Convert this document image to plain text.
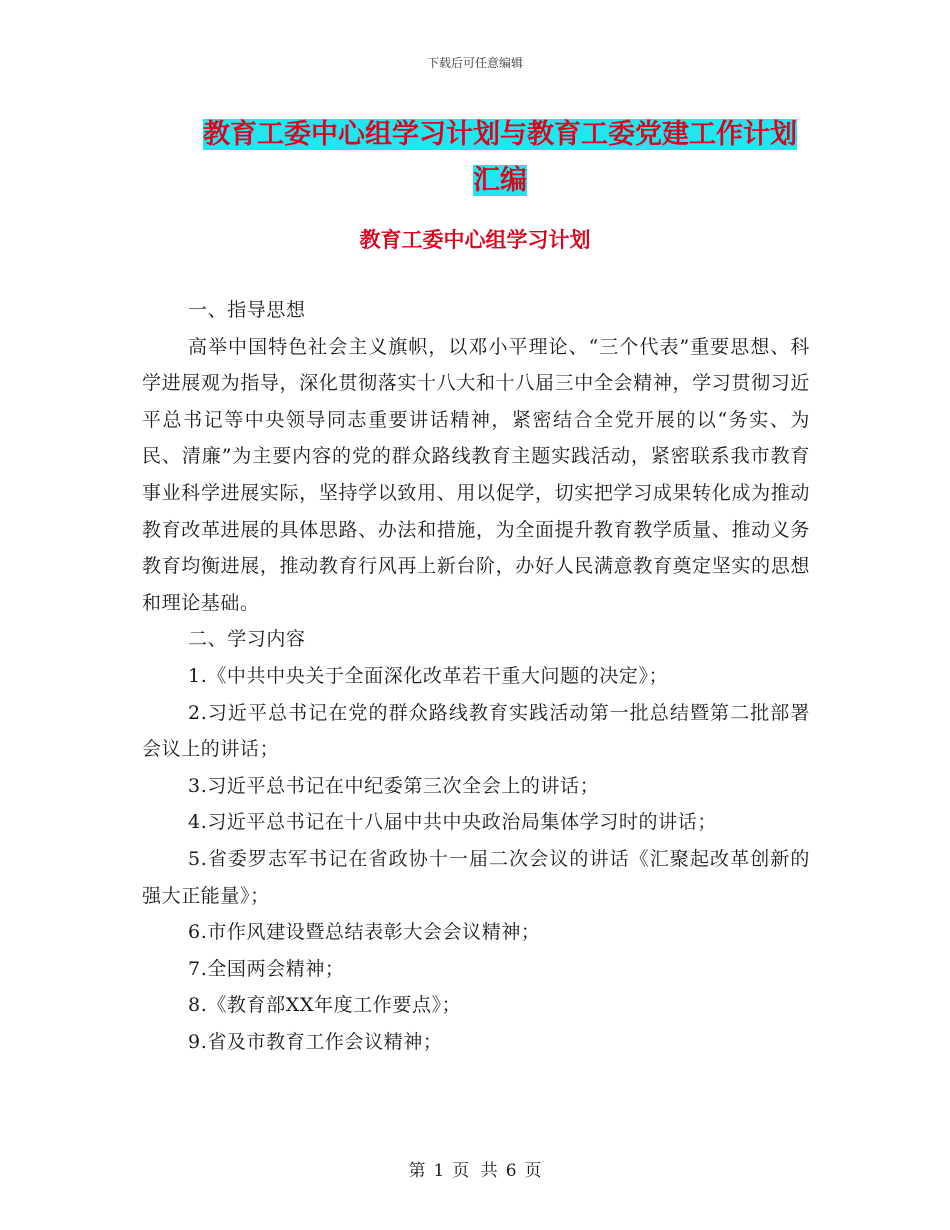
下载后可任意编辑
教育工委中心组学习计划与教育工委党建工作计划汇编
教育工委中心组学习计划

一、指导思想

高举中国特色社会主义旗帜，以邓小平理论、“三个代表”重要思想、科学进展观为指导，深化贯彻落实十八大和十八届三中全会精神，学习贯彻习近平总书记等中央领导同志重要讲话精神，紧密结合全党开展的以“务实、为民、清廉”为主要内容的党的群众路线教育主题实践活动，紧密联系我市教育事业科学进展实际，坚持学以致用、用以促学，切实把学习成果转化成为推动教育改革进展的具体思路、办法和措施，为全面提升教育教学质量、推动义务教育均衡进展，推动教育行风再上新台阶，办好人民满意教育奠定坚实的思想和理论基础。

二、学习内容

1.《中共中央关于全面深化改革若干重大问题的决定》；

2.习近平总书记在党的群众路线教育实践活动第一批总结暨第二批部署会议上的讲话；

3.习近平总书记在中纪委第三次全会上的讲话；

4.习近平总书记在十八届中共中央政治局集体学习时的讲话；

5.省委罗志军书记在省政协十一届二次会议的讲话《汇聚起改革创新的强大正能量》；

6.市作风建设暨总结表彰大会会议精神；

7.全国两会精神；

8.《教育部XX年度工作要点》；

9.省及市教育工作会议精神；

第 1 页 共 6 页
